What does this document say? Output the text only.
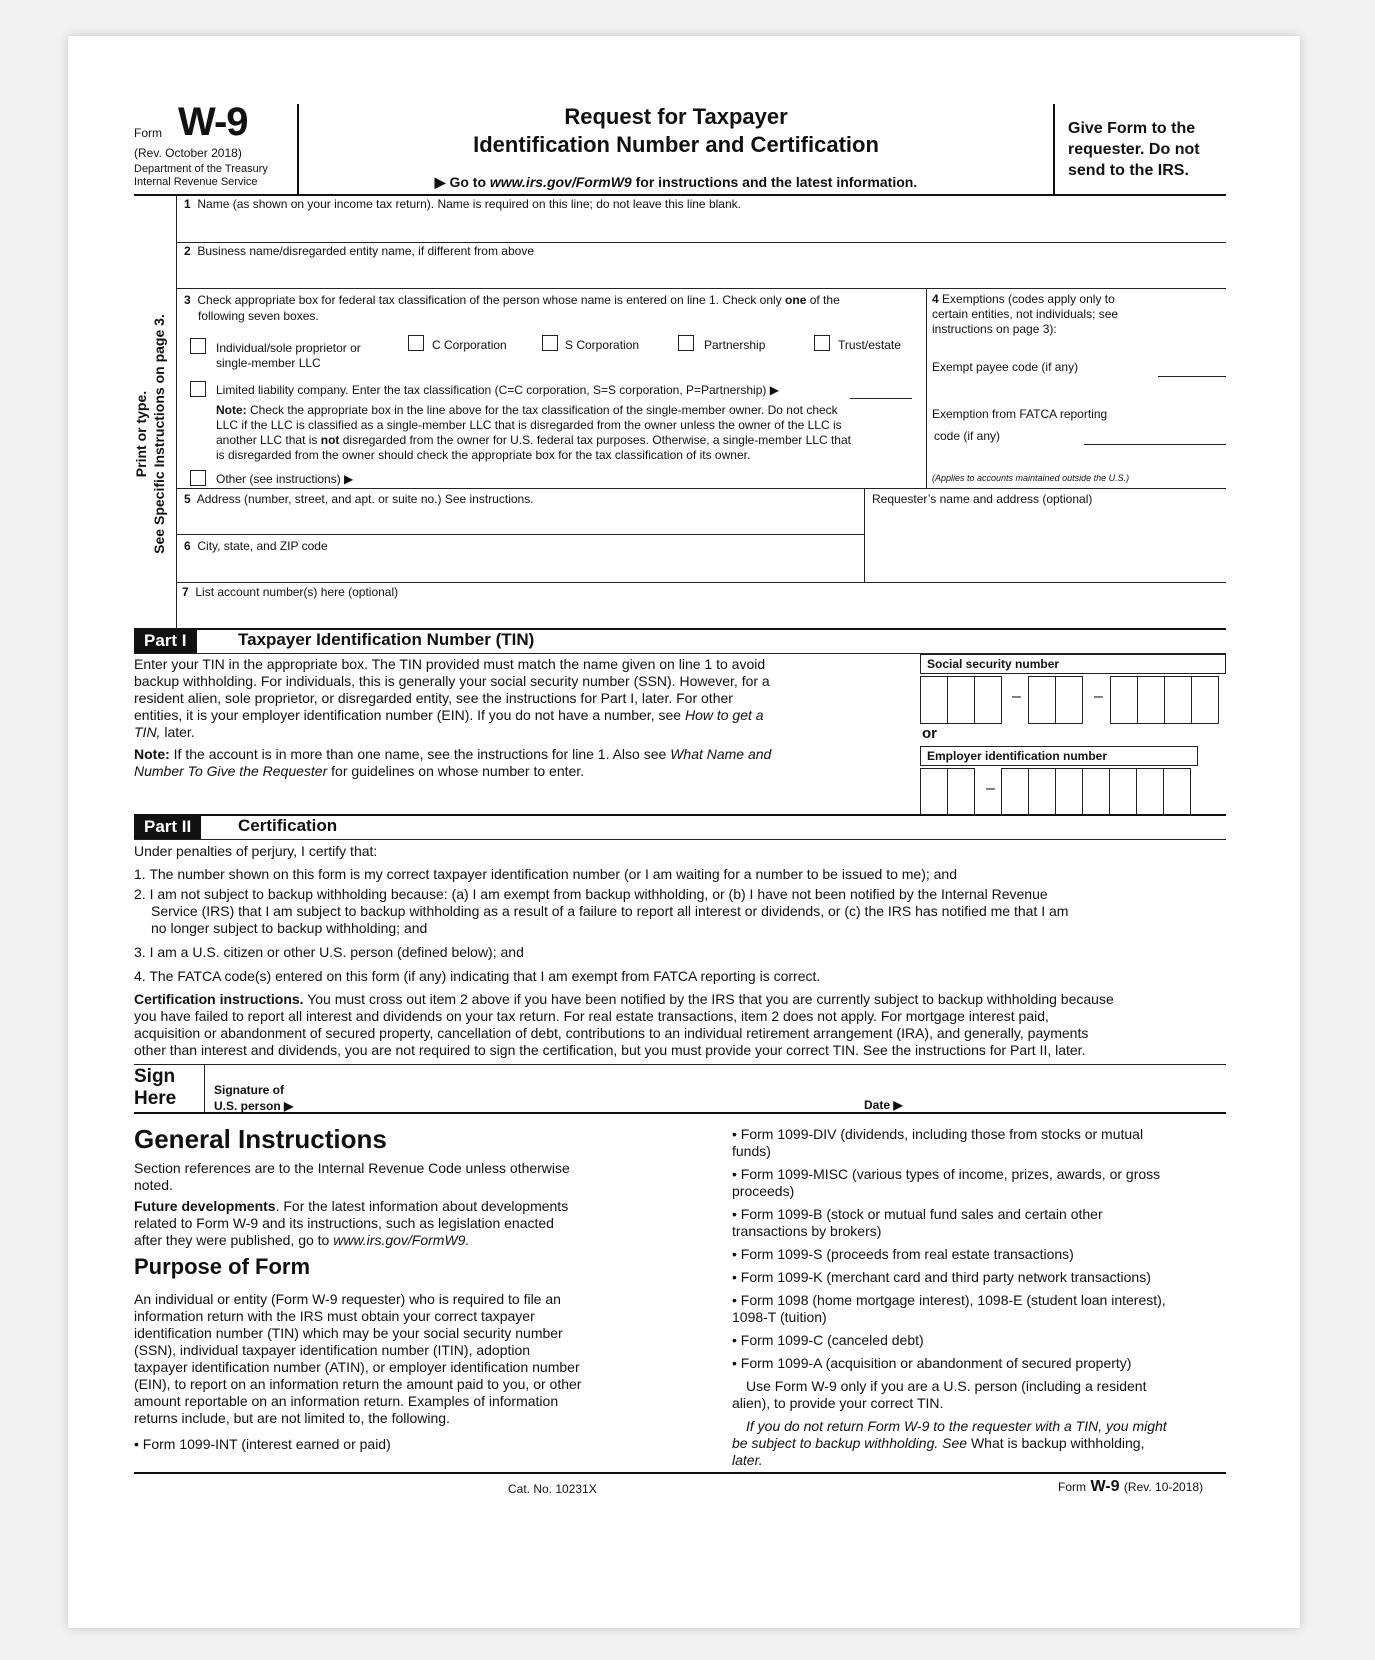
Form W-9
(Rev. October 2018)
Department of the Treasury
Internal Revenue Service
Request for Taxpayer
Identification Number and Certification
▶ Go to www.irs.gov/FormW9 for instructions and the latest information.
Give Form to the
requester. Do not
send to the IRS.
Print or type. See Specific Instructions on page 3.
1 Name (as shown on your income tax return). Name is required on this line; do not leave this line blank.
2 Business name/disregarded entity name, if different from above
3 Check appropriate box for federal tax classification of the person whose name is entered on line 1. Check only one of the
following seven boxes.
Individual/sole proprietor or
single-member LLC
C Corporation	S Corporation	Partnership	Trust/estate
Limited liability company. Enter the tax classification (C=C corporation, S=S corporation, P=Partnership) ▶
Note: Check the appropriate box in the line above for the tax classification of the single-member owner. Do not check
LLC if the LLC is classified as a single-member LLC that is disregarded from the owner unless the owner of the LLC is
another LLC that is not disregarded from the owner for U.S. federal tax purposes. Otherwise, a single-member LLC that
is disregarded from the owner should check the appropriate box for the tax classification of its owner.
Other (see instructions) ▶
4 Exemptions (codes apply only to
certain entities, not individuals; see
instructions on page 3):
Exempt payee code (if any)
Exemption from FATCA reporting
code (if any)
(Applies to accounts maintained outside the U.S.)
5 Address (number, street, and apt. or suite no.) See instructions.	Requester’s name and address (optional)
6 City, state, and ZIP code
7 List account number(s) here (optional)
Part I	Taxpayer Identification Number (TIN)
Enter your TIN in the appropriate box. The TIN provided must match the name given on line 1 to avoid
backup withholding. For individuals, this is generally your social security number (SSN). However, for a
resident alien, sole proprietor, or disregarded entity, see the instructions for Part I, later. For other
entities, it is your employer identification number (EIN). If you do not have a number, see How to get a
TIN, later.
Note: If the account is in more than one name, see the instructions for line 1. Also see What Name and
Number To Give the Requester for guidelines on whose number to enter.
Social security number
–	–
or
Employer identification number
–
Part II	Certification
Under penalties of perjury, I certify that:
1. The number shown on this form is my correct taxpayer identification number (or I am waiting for a number to be issued to me); and
2. I am not subject to backup withholding because: (a) I am exempt from backup withholding, or (b) I have not been notified by the Internal Revenue
Service (IRS) that I am subject to backup withholding as a result of a failure to report all interest or dividends, or (c) the IRS has notified me that I am
no longer subject to backup withholding; and
3. I am a U.S. citizen or other U.S. person (defined below); and
4. The FATCA code(s) entered on this form (if any) indicating that I am exempt from FATCA reporting is correct.
Certification instructions. You must cross out item 2 above if you have been notified by the IRS that you are currently subject to backup withholding because
you have failed to report all interest and dividends on your tax return. For real estate transactions, item 2 does not apply. For mortgage interest paid,
acquisition or abandonment of secured property, cancellation of debt, contributions to an individual retirement arrangement (IRA), and generally, payments
other than interest and dividends, you are not required to sign the certification, but you must provide your correct TIN. See the instructions for Part II, later.
Sign
Here	Signature of
U.S. person ▶	Date ▶
General Instructions
Section references are to the Internal Revenue Code unless otherwise
noted.
Future developments. For the latest information about developments
related to Form W-9 and its instructions, such as legislation enacted
after they were published, go to www.irs.gov/FormW9.
Purpose of Form
An individual or entity (Form W-9 requester) who is required to file an
information return with the IRS must obtain your correct taxpayer
identification number (TIN) which may be your social security number
(SSN), individual taxpayer identification number (ITIN), adoption
taxpayer identification number (ATIN), or employer identification number
(EIN), to report on an information return the amount paid to you, or other
amount reportable on an information return. Examples of information
returns include, but are not limited to, the following.
• Form 1099-INT (interest earned or paid)
• Form 1099-DIV (dividends, including those from stocks or mutual
funds)
• Form 1099-MISC (various types of income, prizes, awards, or gross
proceeds)
• Form 1099-B (stock or mutual fund sales and certain other
transactions by brokers)
• Form 1099-S (proceeds from real estate transactions)
• Form 1099-K (merchant card and third party network transactions)
• Form 1098 (home mortgage interest), 1098-E (student loan interest),
1098-T (tuition)
• Form 1099-C (canceled debt)
• Form 1099-A (acquisition or abandonment of secured property)
Use Form W-9 only if you are a U.S. person (including a resident
alien), to provide your correct TIN.
If you do not return Form W-9 to the requester with a TIN, you might
be subject to backup withholding. See What is backup withholding,
later.
Cat. No. 10231X	Form W-9 (Rev. 10-2018)
